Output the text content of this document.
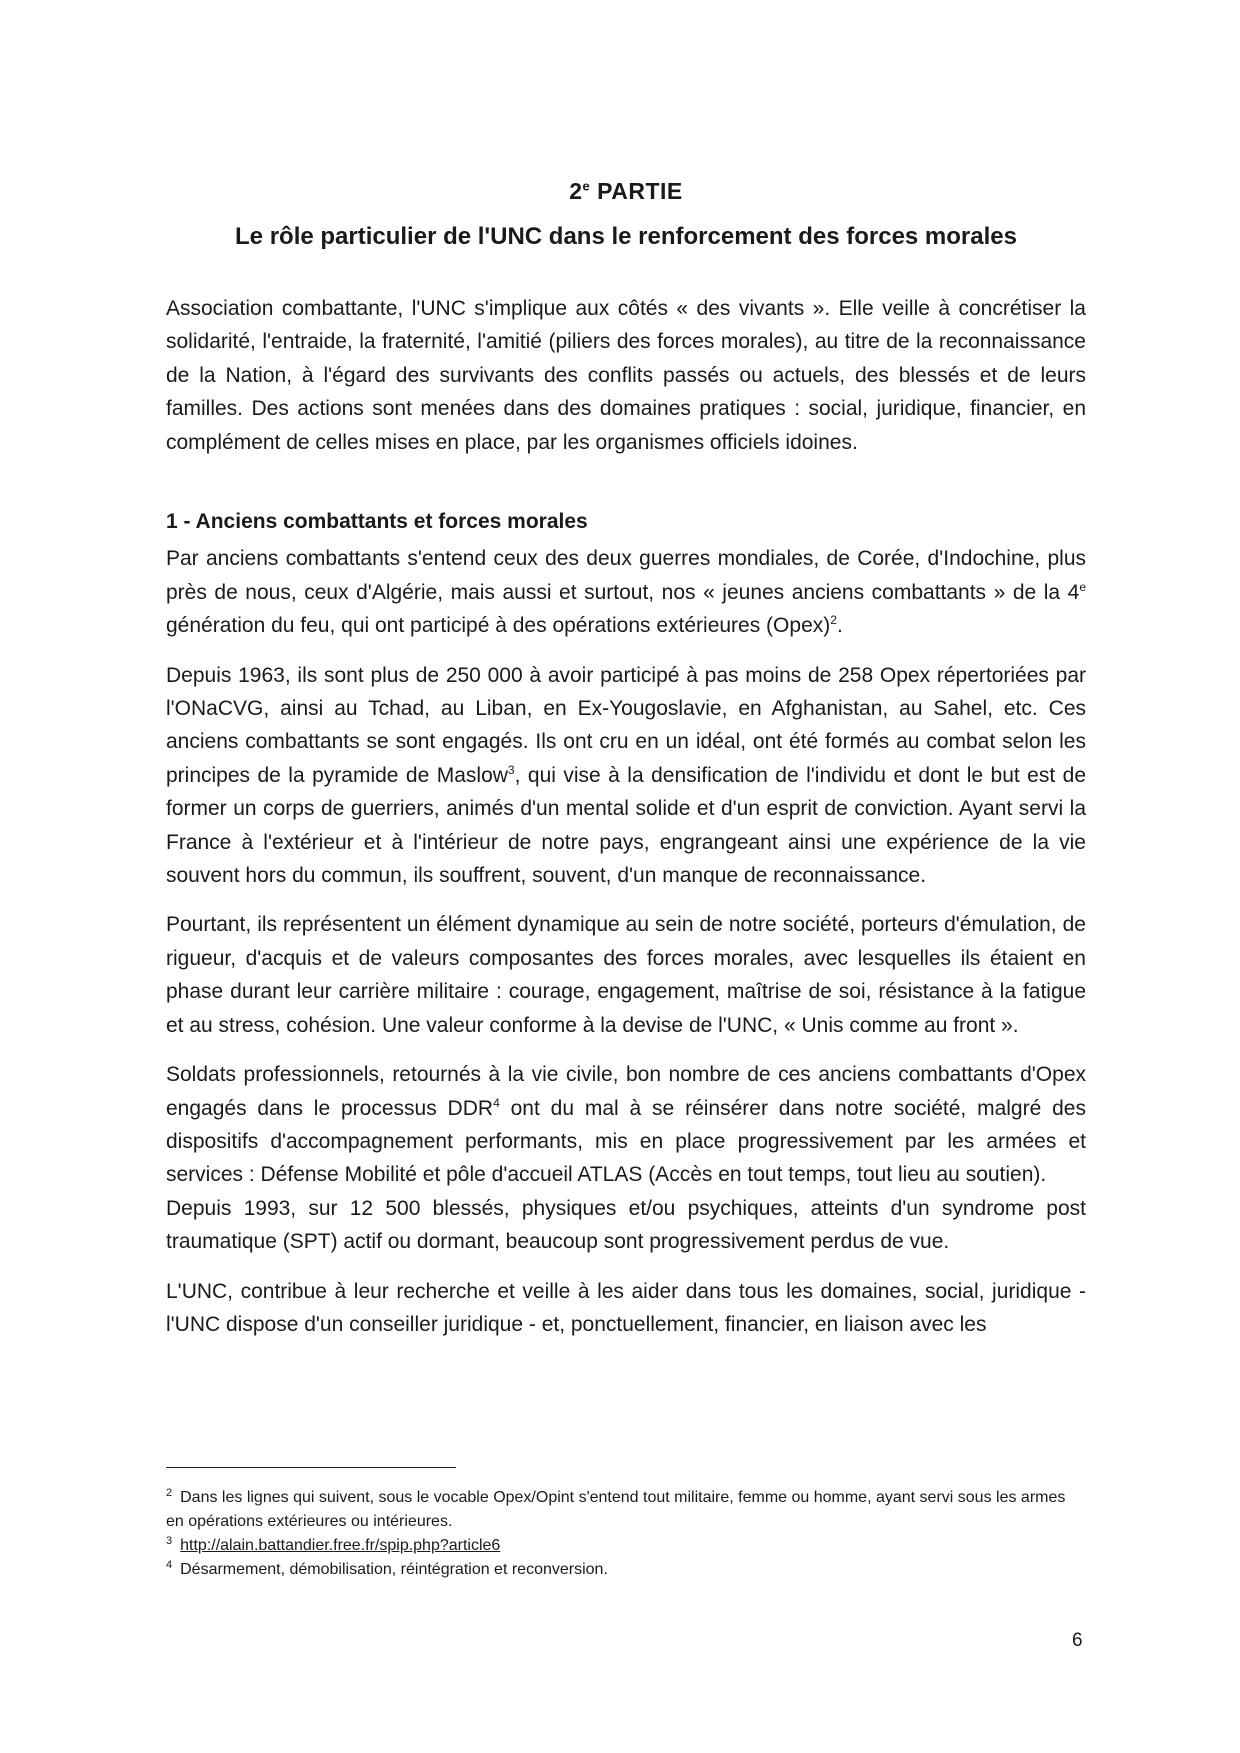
2e PARTIE
Le rôle particulier de l'UNC dans le renforcement des forces morales

Association combattante, l'UNC s'implique aux côtés « des vivants ». Elle veille à concrétiser la solidarité, l'entraide, la fraternité, l'amitié (piliers des forces morales), au titre de la reconnaissance de la Nation, à l'égard des survivants des conflits passés ou actuels, des blessés et de leurs familles. Des actions sont menées dans des domaines pratiques : social, juridique, financier, en complément de celles mises en place, par les organismes officiels idoines.

1 - Anciens combattants et forces morales

Par anciens combattants s'entend ceux des deux guerres mondiales, de Corée, d'Indochine, plus près de nous, ceux d'Algérie, mais aussi et surtout, nos « jeunes anciens combattants » de la 4e génération du feu, qui ont participé à des opérations extérieures (Opex)$^2$.

Depuis 1963, ils sont plus de 250 000 à avoir participé à pas moins de 258 Opex répertoriées par l'ONaCVG, ainsi au Tchad, au Liban, en Ex-Yougoslavie, en Afghanistan, au Sahel, etc. Ces anciens combattants se sont engagés. Ils ont cru en un idéal, ont été formés au combat selon les principes de la pyramide de Maslow$^3$, qui vise à la densification de l'individu et dont le but est de former un corps de guerriers, animés d'un mental solide et d'un esprit de conviction. Ayant servi la France à l'extérieur et à l'intérieur de notre pays, engrangeant ainsi une expérience de la vie souvent hors du commun, ils souffrent, souvent, d'un manque de reconnaissance.

Pourtant, ils représentent un élément dynamique au sein de notre société, porteurs d'émulation, de rigueur, d'acquis et de valeurs composantes des forces morales, avec lesquelles ils étaient en phase durant leur carrière militaire : courage, engagement, maîtrise de soi, résistance à la fatigue et au stress, cohésion. Une valeur conforme à la devise de l'UNC, « Unis comme au front ».

Soldats professionnels, retournés à la vie civile, bon nombre de ces anciens combattants d'Opex engagés dans le processus DDR$^4$ ont du mal à se réinsérer dans notre société, malgré des dispositifs d'accompagnement performants, mis en place progressivement par les armées et services : Défense Mobilité et pôle d'accueil ATLAS (Accès en tout temps, tout lieu au soutien).

Depuis 1993, sur 12 500 blessés, physiques et/ou psychiques, atteints d'un syndrome post traumatique (SPT) actif ou dormant, beaucoup sont progressivement perdus de vue.

L'UNC, contribue à leur recherche et veille à les aider dans tous les domaines, social, juridique - l'UNC dispose d'un conseiller juridique - et, ponctuellement, financier, en liaison avec les

$^2$ Dans les lignes qui suivent, sous le vocable Opex/Opint s'entend tout militaire, femme ou homme, ayant servi sous les armes en opérations extérieures ou intérieures.

$^3$ http://alain.battandier.free.fr/spip.php?article6

$^4$ Désarmement, démobilisation, réintégration et reconversion.

6
